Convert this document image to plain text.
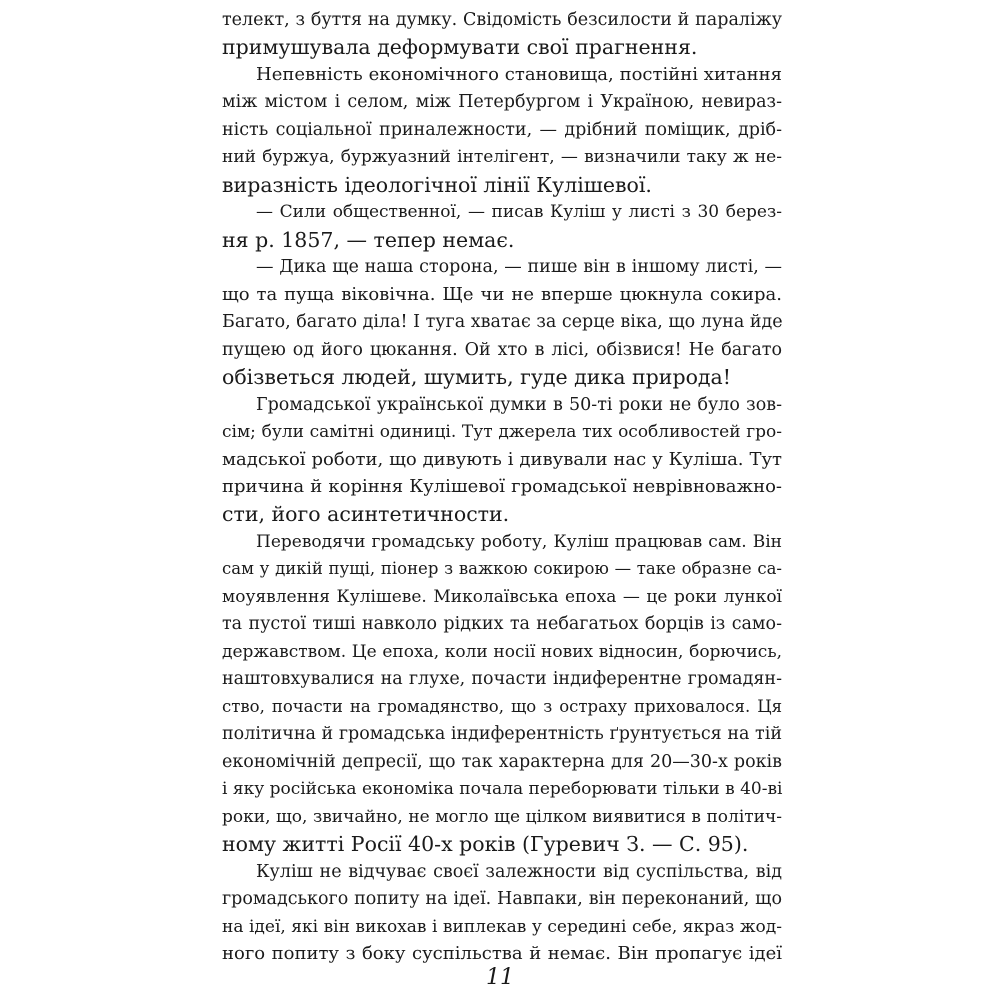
телект, з буття на думку. Свідомість безсилости й параліжу
примушувала деформувати свої прагнення.
Непевність економічного становища, постійні хитання
між містом і селом, між Петербургом і Україною, невираз-
ність соціальної приналежности, — дрібний поміщик, дріб-
ний буржуа, буржуазний інтелігент, — визначили таку ж не-
виразність ідеологічної лінії Кулішевої.
— Сили общественної, — писав Куліш у листі з 30 берез-
ня р. 1857, — тепер немає.
— Дика ще наша сторона, — пише він в іншому листі, —
що та пуща віковічна. Ще чи не вперше цюкнула сокира.
Багато, багато діла! І туга хватає за серце віка, що луна йде
пущею од його цюкання. Ой хто в лісі, обізвися! Не багато
обізветься людей, шумить, гуде дика природа!
Громадської української думки в 50-ті роки не було зов-
сім; були самітні одиниці. Тут джерела тих особливостей гро-
мадської роботи, що дивують і дивували нас у Куліша. Тут
причина й коріння Кулішевої громадської неврівноважно-
сти, його асинтетичности.
Переводячи громадську роботу, Куліш працював сам. Він
сам у дикій пущі, піонер з важкою сокирою — таке образне са-
моуявлення Кулішеве. Миколаївська епоха — це роки лункої
та пустої тиші навколо рідких та небагатьох борців із само-
державством. Це епоха, коли носії нових відносин, борючись,
наштовхувалися на глухе, почасти індиферентне громадян-
ство, почасти на громадянство, що з остраху приховалося. Ця
політична й громадська індиферентність ґрунтується на тій
економічній депресії, що так характерна для 20—30-х років
і яку російська економіка почала переборювати тільки в 40-ві
роки, що, звичайно, не могло ще цілком виявитися в політич-
ному житті Росії 40-х років (Гуревич З. — С. 95).
Куліш не відчуває своєї залежности від суспільства, від
громадського попиту на ідеї. Навпаки, він переконаний, що
на ідеї, які він викохав і виплекав у середині себе, якраз жод-
ного попиту з боку суспільства й немає. Він пропагує ідеї
11
